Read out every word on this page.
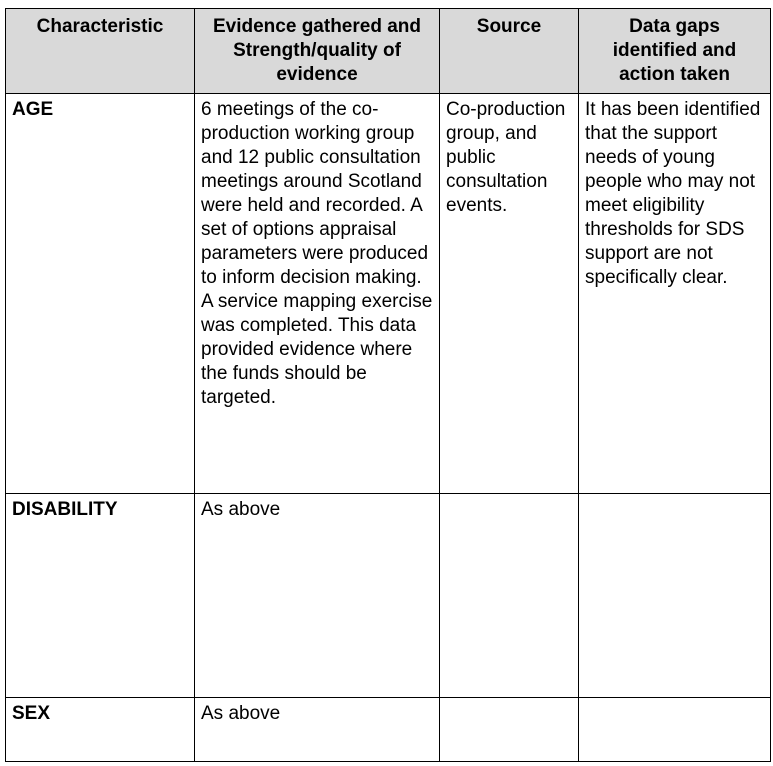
Characteristic	Evidence gathered and Strength/quality of evidence	Source	Data gaps identified and action taken
AGE	6 meetings of the co-production working group and 12 public consultation meetings around Scotland were held and recorded. A set of options appraisal parameters were produced to inform decision making. A service mapping exercise was completed. This data provided evidence where the funds should be targeted.	Co-production group, and public consultation events.	It has been identified that the support needs of young people who may not meet eligibility thresholds for SDS support are not specifically clear.
DISABILITY	As above		
SEX	As above		
